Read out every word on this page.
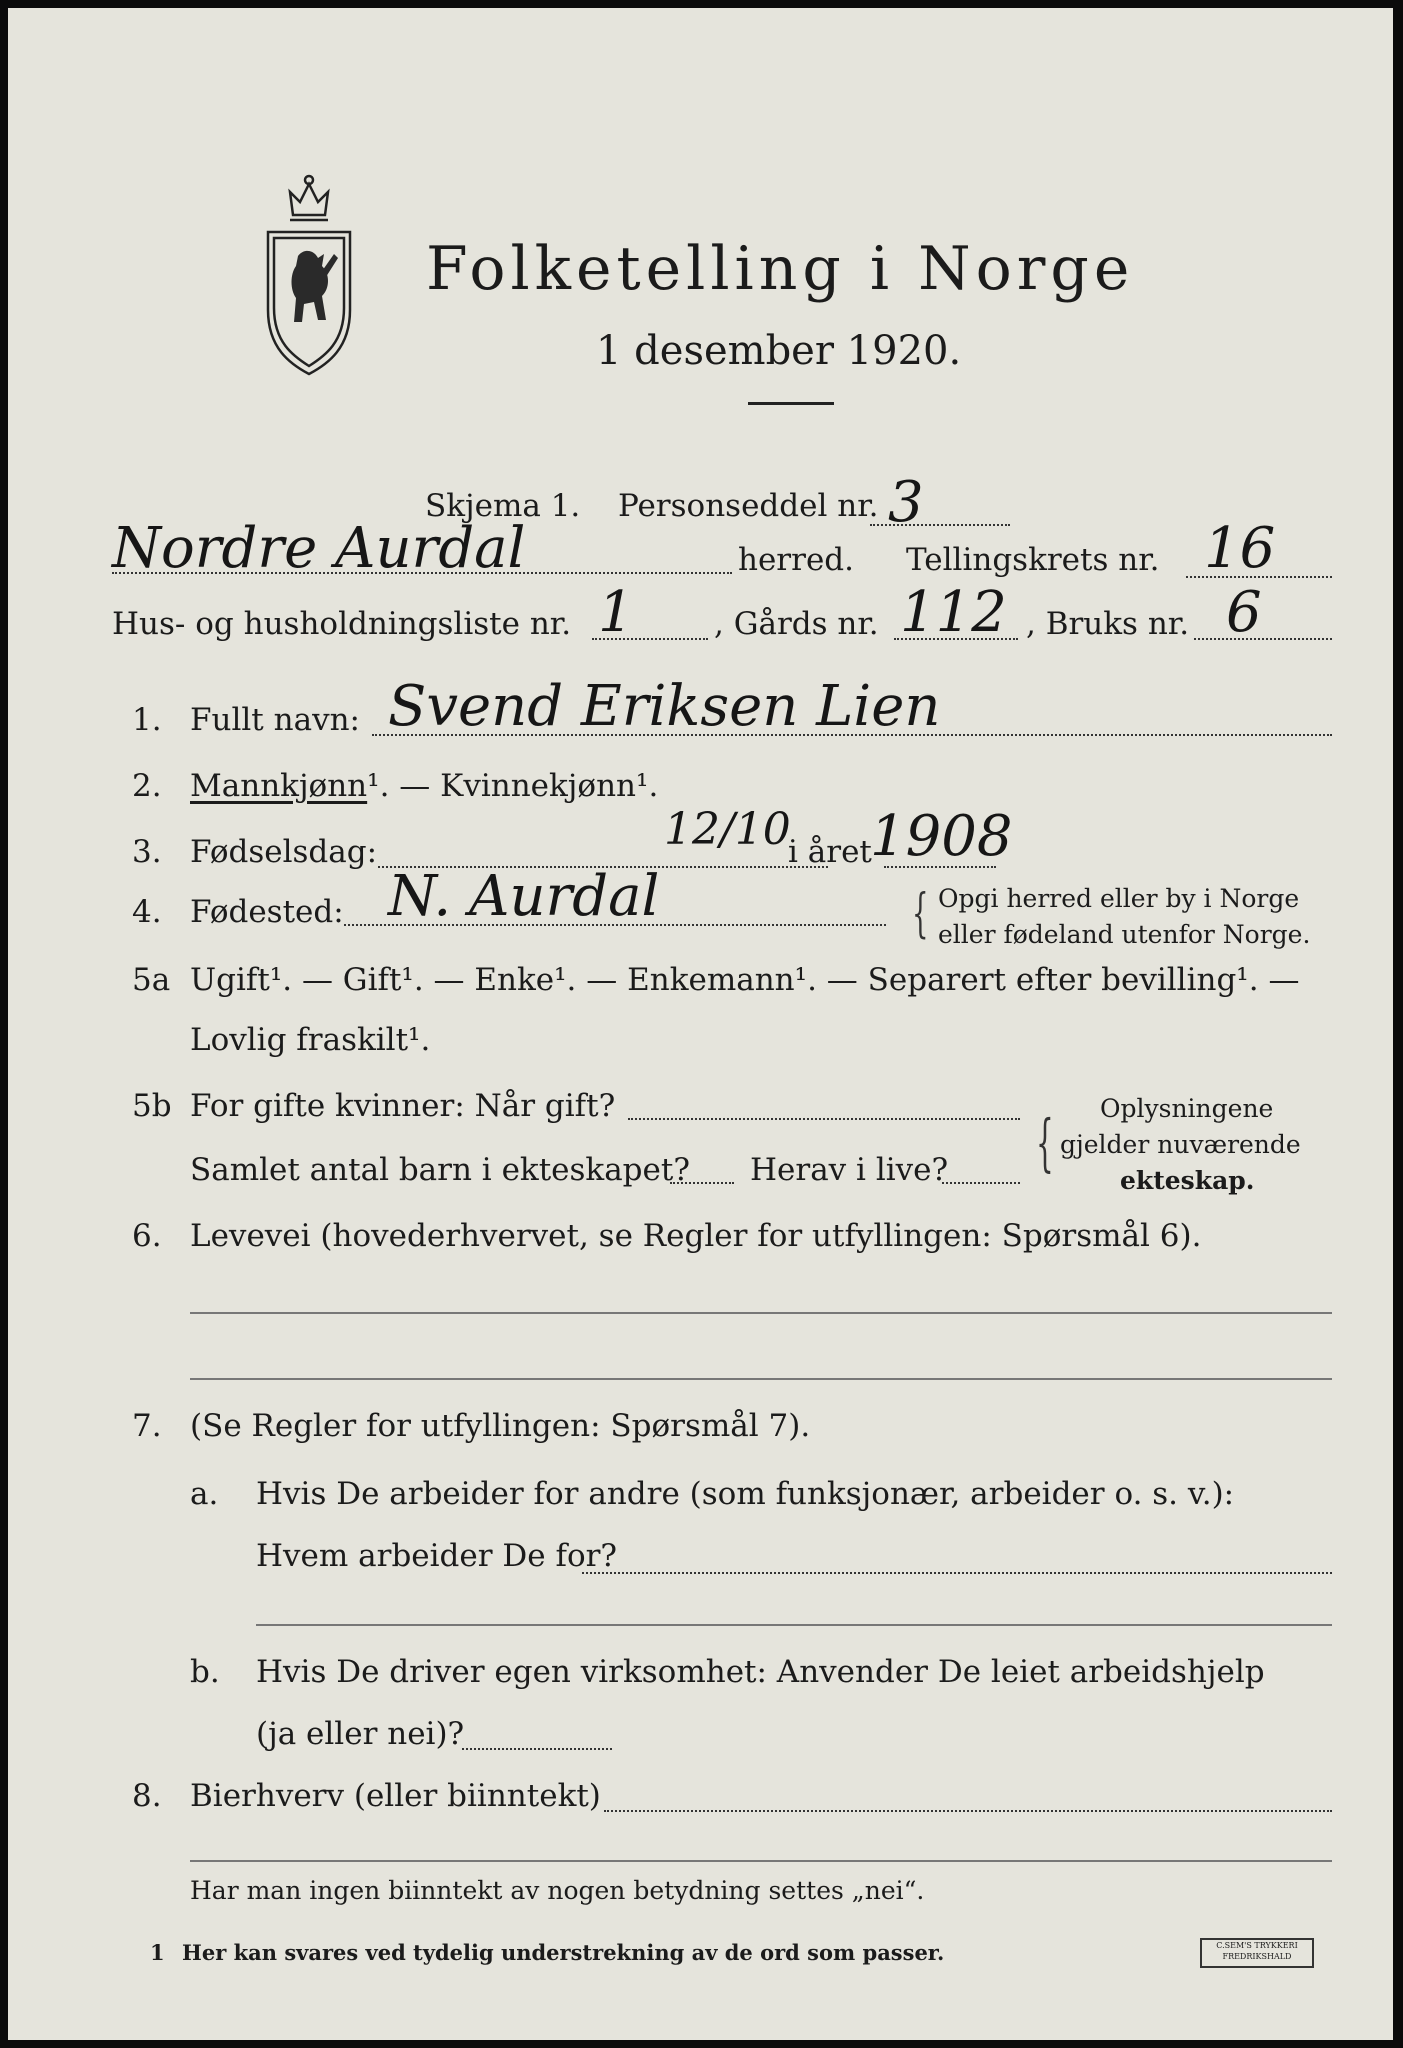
Folketelling i Norge
1 desember 1920.
Skjema 1. Personseddel nr. 3
Nordre Aurdal	herred. Tellingskrets nr. 16
Hus- og husholdningsliste nr. 1	, Gårds nr. 112 , Bruks nr. 6
1. Fullt navn: Svend Eriksen Lien
2. Mannkjønn¹. — Kvinnekjønn¹.
3. Fødselsdag:	12/10
i året
1908
4. Fødested: N. Aurdal	{ Opgi herred eller by i Norge
eller fødeland utenfor Norge.
5a Ugift¹. — Gift¹. — Enke¹. — Enkemann¹. — Separert efter bevilling¹. —
Lovlig fraskilt¹.
5b For gifte kvinner: Når gift?
Samlet antal barn i ekteskapet? Herav i live? { Oplysningene
gjelder nuværende
ekteskap.
6. Levevei (hovederhvervet, se Regler for utfyllingen: Spørsmål 6).
7. (Se Regler for utfyllingen: Spørsmål 7).
a. Hvis De arbeider for andre (som funksjonær, arbeider o. s. v.):
Hvem arbeider De for?
b. Hvis De driver egen virksomhet: Anvender De leiet arbeidshjelp
(ja eller nei)?
8. Bierhverv (eller biinntekt)
Har man ingen biinntekt av nogen betydning settes „nei“.
1 Her kan svares ved tydelig understrekning av de ord som passer.	C.SEM'S TRYKKERI
FREDRIKSHALD
